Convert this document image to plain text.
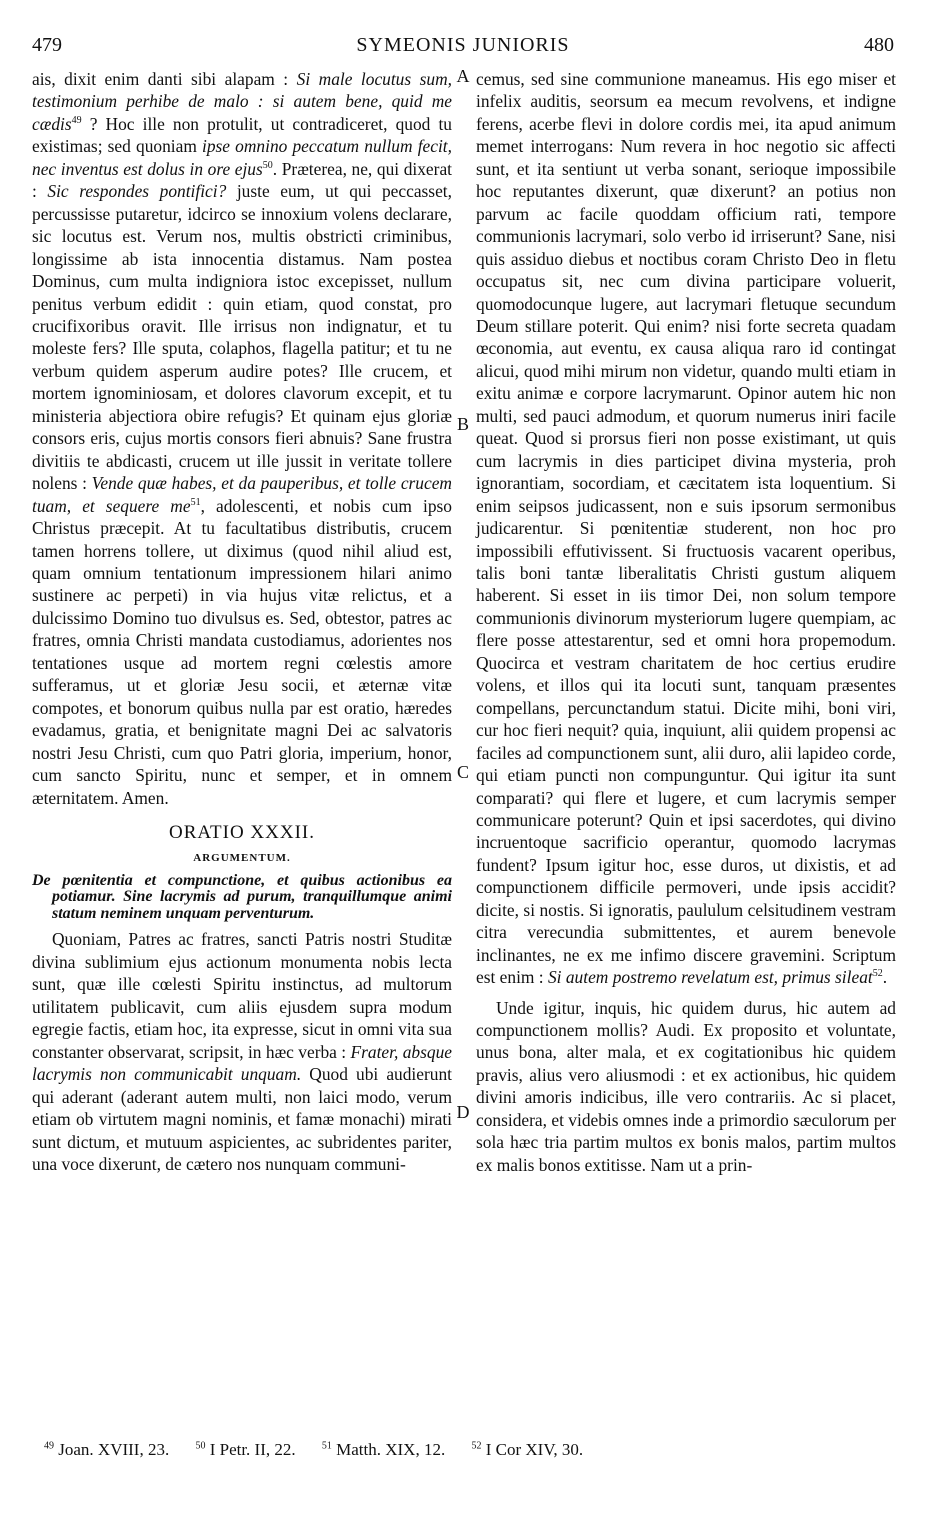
479	SYMEONIS JUNIORIS	480
A
B
C
D

ais, dixit enim danti sibi alapam : Si male locutus sum, testimonium perhibe de malo : si autem bene, quid me cædis$^{49}$ ? Hoc ille non protulit, ut contradiceret, quod tu existimas; sed quoniam ipse omnino peccatum nullum fecit, nec inventus est dolus in ore ejus$^{50}$. Præterea, ne, qui dixerat : Sic respondes pontifici? juste eum, ut qui peccasset, percussisse putaretur, idcirco se innoxium volens declarare, sic locutus est. Verum nos, multis obstricti criminibus, longissime ab ista innocentia distamus. Nam postea Dominus, cum multa indigniora istoc excepisset, nullum penitus verbum edidit : quin etiam, quod constat, pro crucifixoribus oravit. Ille irrisus non indignatur, et tu moleste fers? Ille sputa, colaphos, flagella patitur; et tu ne verbum quidem asperum audire potes? Ille crucem, et mortem ignominiosam, et dolores clavorum excepit, et tu ministeria abjectiora obire refugis? Et quinam ejus gloriæ consors eris, cujus mortis consors fieri abnuis? Sane frustra divitiis te abdicasti, crucem ut ille jussit in veritate tollere nolens : Vende quæ habes, et da pauperibus, et tolle crucem tuam, et sequere me$^{51}$, adolescenti, et nobis cum ipso Christus præcepit. At tu facultatibus distributis, crucem tamen horrens tollere, ut diximus (quod nihil aliud est, quam omnium tentationum impressionem hilari animo sustinere ac perpeti) in via hujus vitæ relictus, et a dulcissimo Domino tuo divulsus es. Sed, obtestor, patres ac fratres, omnia Christi mandata custodiamus, adorientes nos tentationes usque ad mortem regni cœlestis amore sufferamus, ut et gloriæ Jesu socii, et æternæ vitæ compotes, et bonorum quibus nulla par est oratio, hæredes evadamus, gratia, et benignitate magni Dei ac salvatoris nostri Jesu Christi, cum quo Patri gloria, imperium, honor, cum sancto Spiritu, nunc et semper, et in omnem æternitatem. Amen.

ORATIO XXXII.
ARGUMENTUM.
De pœnitentia et compunctione, et quibus actionibus ea potiamur. Sine lacrymis ad purum, tranquillumque animi statum neminem unquam perventurum.

Quoniam, Patres ac fratres, sancti Patris nostri Studitæ divina sublimium ejus actionum monumenta nobis lecta sunt, quæ ille cœlesti Spiritu instinctus, ad multorum utilitatem publicavit, cum aliis ejusdem supra modum egregie factis, etiam hoc, ita expresse, sicut in omni vita sua constanter observarat, scripsit, in hæc verba : Frater, absque lacrymis non communicabit unquam. Quod ubi audierunt qui aderant (aderant autem multi, non laici modo, verum etiam ob virtutem magni nominis, et famæ monachi) mirati sunt dictum, et mutuum aspicientes, ac subridentes pariter, una voce dixerunt, de cætero nos nunquam communi-

cemus, sed sine communione maneamus. His ego miser et infelix auditis, seorsum ea mecum revolvens, et indigne ferens, acerbe flevi in dolore cordis mei, ita apud animum memet interrogans: Num revera in hoc negotio sic affecti sunt, et ita sentiunt ut verba sonant, serioque impossibile hoc reputantes dixerunt, quæ dixerunt? an potius non parvum ac facile quoddam officium rati, tempore communionis lacrymari, solo verbo id irriserunt? Sane, nisi quis assiduo diebus et noctibus coram Christo Deo in fletu occupatus sit, nec cum divina participare voluerit, quomodocunque lugere, aut lacrymari fletuque secundum Deum stillare poterit. Qui enim? nisi forte secreta quadam œconomia, aut eventu, ex causa aliqua raro id contingat alicui, quod mihi mirum non videtur, quando multi etiam in exitu animæ e corpore lacrymarunt. Opinor autem hic non multi, sed pauci admodum, et quorum numerus iniri facile queat. Quod si prorsus fieri non posse existimant, ut quis cum lacrymis in dies participet divina mysteria, proh ignorantiam, socordiam, et cæcitatem ista loquentium. Si enim seipsos judicassent, non e suis ipsorum sermonibus judicarentur. Si pœnitentiæ studerent, non hoc pro impossibili effutivissent. Si fructuosis vacarent operibus, talis boni tantæ liberalitatis Christi gustum aliquem haberent. Si esset in iis timor Dei, non solum tempore communionis divinorum mysteriorum lugere quempiam, ac flere posse attestarentur, sed et omni hora propemodum. Quocirca et vestram charitatem de hoc certius erudire volens, et illos qui ita locuti sunt, tanquam præsentes compellans, percunctandum statui. Dicite mihi, boni viri, cur hoc fieri nequit? quia, inquiunt, alii quidem propensi ac faciles ad compunctionem sunt, alii duro, alii lapideo corde, qui etiam puncti non compunguntur. Qui igitur ita sunt comparati? qui flere et lugere, et cum lacrymis semper communicare poterunt? Quin et ipsi sacerdotes, qui divino incruentoque sacrificio operantur, quomodo lacrymas fundent? Ipsum igitur hoc, esse duros, ut dixistis, et ad compunctionem difficile permoveri, unde ipsis accidit? dicite, si nostis. Si ignoratis, paululum celsitudinem vestram citra verecundia submittentes, et aurem benevole inclinantes, ne ex me infimo discere gravemini. Scriptum est enim : Si autem postremo revelatum est, primus sileat$^{52}$.

Unde igitur, inquis, hic quidem durus, hic autem ad compunctionem mollis? Audi. Ex proposito et voluntate, unus bona, alter mala, et ex cogitationibus hic quidem pravis, alius vero aliusmodi : et ex actionibus, hic quidem divini amoris indicibus, ille vero contrariis. Ac si placet, considera, et videbis omnes inde a primordio sæculorum per sola hæc tria partim multos ex bonis malos, partim multos ex malis bonos extitisse. Nam ut a prin-

$^{49}$ Joan. XVIII, 23.	$^{50}$ I Petr. II, 22.	$^{51}$ Matth. XIX, 12.	$^{52}$ I Cor XIV, 30.
